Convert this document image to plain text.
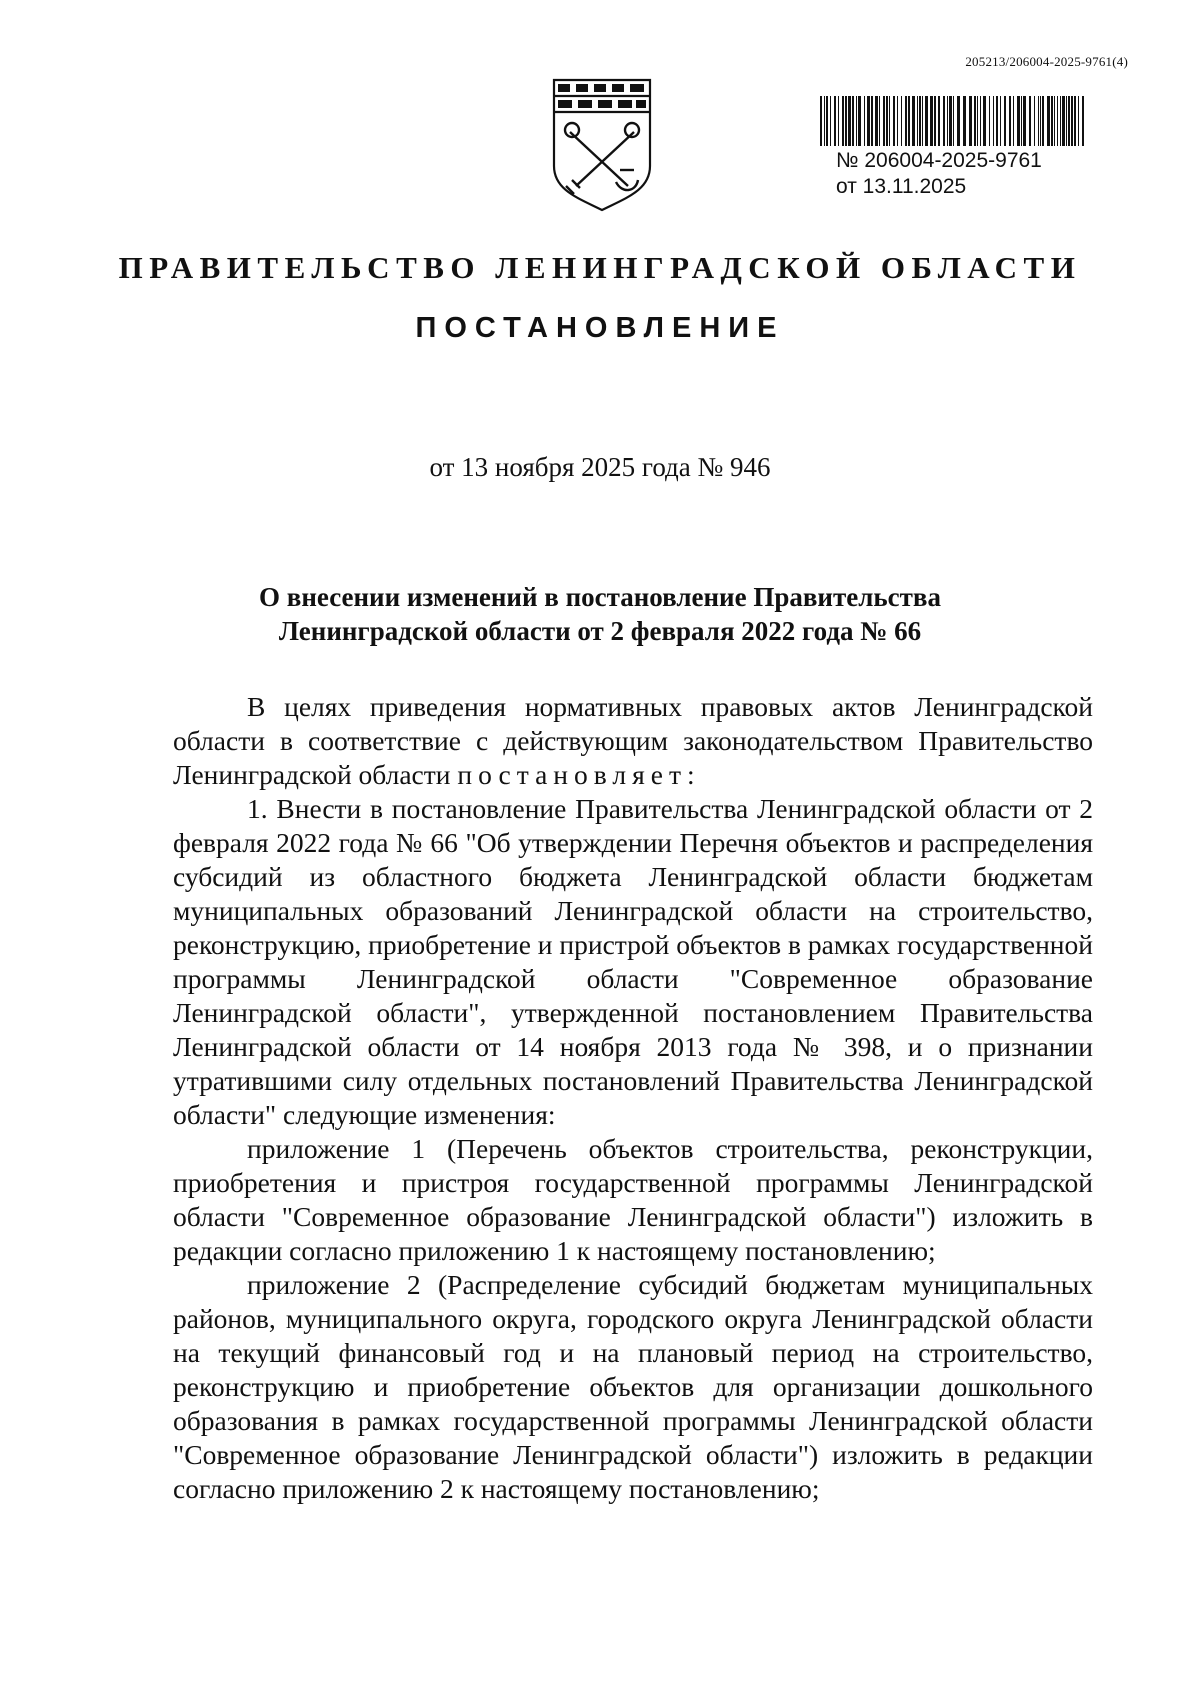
205213/206004-2025-9761(4)
№ 206004-2025-9761
от 13.11.2025
ПРАВИТЕЛЬСТВО ЛЕНИНГРАДСКОЙ ОБЛАСТИ
ПОСТАНОВЛЕНИЕ
от 13 ноября 2025 года № 946
О внесении изменений в постановление Правительства
Ленинградской области от 2 февраля 2022 года № 66

В целях приведения нормативных правовых актов Ленинградской области в соответствие с действующим законодательством Правительство Ленинградской области постановляет:

1. Внести в постановление Правительства Ленинградской области от 2 февраля 2022 года № 66 "Об утверждении Перечня объектов и распределения субсидий из областного бюджета Ленинградской области бюджетам муниципальных образований Ленинградской области на строительство, реконструкцию, приобретение и пристрой объектов в рамках государственной программы Ленинградской области "Современное образование Ленинградской области", утвержденной постановлением Правительства Ленинградской области от 14 ноября 2013 года № 398, и о признании утратившими силу отдельных постановлений Правительства Ленинградской области" следующие изменения:

приложение 1 (Перечень объектов строительства, реконструкции, приобретения и пристроя государственной программы Ленинградской области "Современное образование Ленинградской области") изложить в редакции согласно приложению 1 к настоящему постановлению;

приложение 2 (Распределение субсидий бюджетам муниципальных районов, муниципального округа, городского округа Ленинградской области на текущий финансовый год и на плановый период на строительство, реконструкцию и приобретение объектов для организации дошкольного образования в рамках государственной программы Ленинградской области "Современное образование Ленинградской области") изложить в редакции согласно приложению 2 к настоящему постановлению;
